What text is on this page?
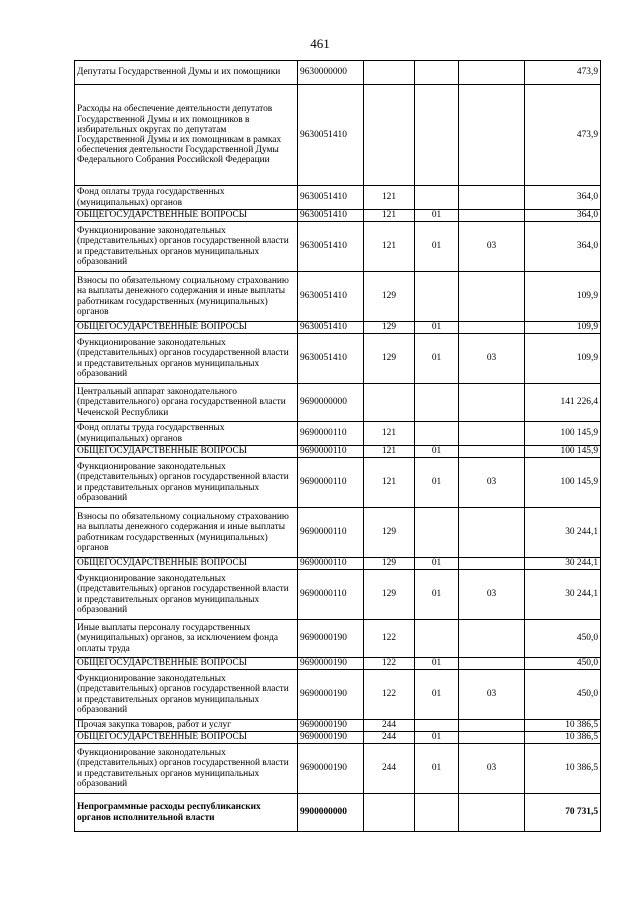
461
Депутаты Государственной Думы и их помощники	9630000000				473,9
Расходы на обеспечение деятельности депутатов Государственной Думы и их помощников в избирательных округах по депутатам Государственной Думы и их помощникам в рамках обеспечения деятельности Государственной Думы Федерального Собрания Российской Федерации	9630051410				473,9
Фонд оплаты труда государственных (муниципальных) органов	9630051410	121			364,0
ОБЩЕГОСУДАРСТВЕННЫЕ ВОПРОСЫ	9630051410	121	01		364,0
Функционирование законодательных (представительных) органов государственной власти и представительных органов муниципальных образований	9630051410	121	01	03	364,0
Взносы по обязательному социальному страхованию на выплаты денежного содержания и иные выплаты работникам государственных (муниципальных) органов	9630051410	129			109,9
ОБЩЕГОСУДАРСТВЕННЫЕ ВОПРОСЫ	9630051410	129	01		109,9
Функционирование законодательных (представительных) органов государственной власти и представительных органов муниципальных образований	9630051410	129	01	03	109,9
Центральный аппарат законодательного (представительного) органа государственной власти Чеченской Республики	9690000000				141 226,4
Фонд оплаты труда государственных (муниципальных) органов	9690000110	121			100 145,9
ОБЩЕГОСУДАРСТВЕННЫЕ ВОПРОСЫ	9690000110	121	01		100 145,9
Функционирование законодательных (представительных) органов государственной власти и представительных органов муниципальных образований	9690000110	121	01	03	100 145,9
Взносы по обязательному социальному страхованию на выплаты денежного содержания и иные выплаты работникам государственных (муниципальных) органов	9690000110	129			30 244,1
ОБЩЕГОСУДАРСТВЕННЫЕ ВОПРОСЫ	9690000110	129	01		30 244,1
Функционирование законодательных (представительных) органов государственной власти и представительных органов муниципальных образований	9690000110	129	01	03	30 244,1
Иные выплаты персоналу государственных (муниципальных) органов, за исключением фонда оплаты труда	9690000190	122			450,0
ОБЩЕГОСУДАРСТВЕННЫЕ ВОПРОСЫ	9690000190	122	01		450,0
Функционирование законодательных (представительных) органов государственной власти и представительных органов муниципальных образований	9690000190	122	01	03	450,0
Прочая закупка товаров, работ и услуг	9690000190	244			10 386,5
ОБЩЕГОСУДАРСТВЕННЫЕ ВОПРОСЫ	9690000190	244	01		10 386,5
Функционирование законодательных (представительных) органов государственной власти и представительных органов муниципальных образований	9690000190	244	01	03	10 386,5
Непрограммные расходы республиканских органов исполнительной власти	9900000000				70 731,5
